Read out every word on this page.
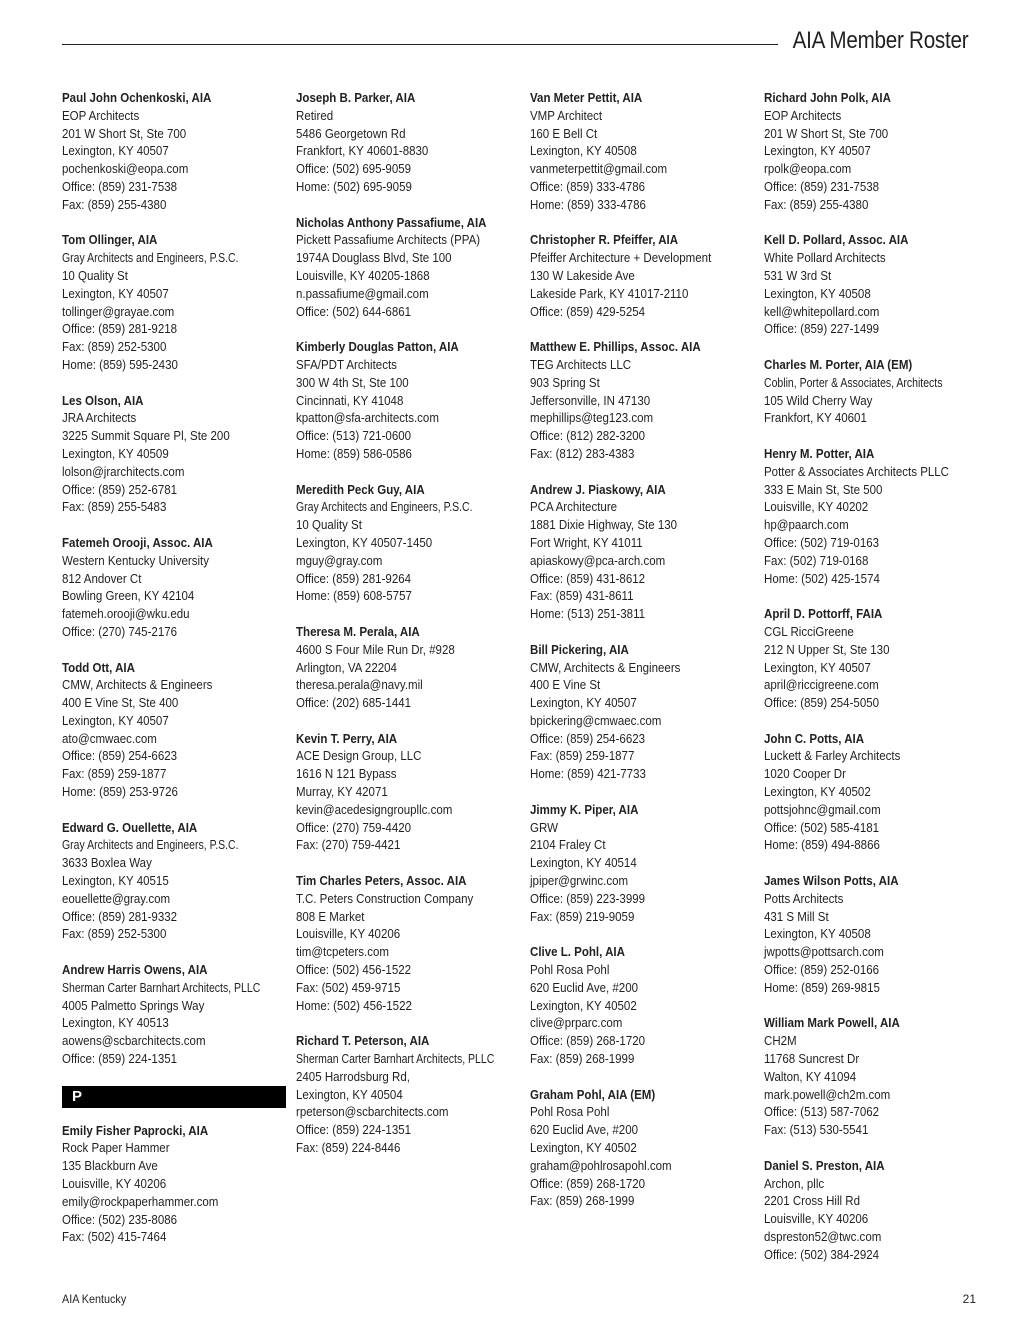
AIA Member Roster
Paul John Ochenkoski, AIA
EOP Architects
201 W Short St, Ste 700
Lexington, KY 40507
pochenkoski@eopa.com
Office: (859) 231-7538
Fax: (859) 255-4380
Tom Ollinger, AIA
Gray Architects and Engineers, P.S.C.
10 Quality St
Lexington, KY 40507
tollinger@grayae.com
Office: (859) 281-9218
Fax: (859) 252-5300
Home: (859) 595-2430
Les Olson, AIA
JRA Architects
3225 Summit Square Pl, Ste 200
Lexington, KY 40509
lolson@jrarchitects.com
Office: (859) 252-6781
Fax: (859) 255-5483
Fatemeh Orooji, Assoc. AIA
Western Kentucky University
812 Andover Ct
Bowling Green, KY 42104
fatemeh.orooji@wku.edu
Office: (270) 745-2176
Todd Ott, AIA
CMW, Architects & Engineers
400 E Vine St, Ste 400
Lexington, KY 40507
ato@cmwaec.com
Office: (859) 254-6623
Fax: (859) 259-1877
Home: (859) 253-9726
Edward G. Ouellette, AIA
Gray Architects and Engineers, P.S.C.
3633 Boxlea Way
Lexington, KY 40515
eouellette@gray.com
Office: (859) 281-9332
Fax: (859) 252-5300
Andrew Harris Owens, AIA
Sherman Carter Barnhart Architects, PLLC
4005 Palmetto Springs Way
Lexington, KY 40513
aowens@scbarchitects.com
Office: (859) 224-1351
P
Emily Fisher Paprocki, AIA
Rock Paper Hammer
135 Blackburn Ave
Louisville, KY 40206
emily@rockpaperhammer.com
Office: (502) 235-8086
Fax: (502) 415-7464
Joseph B. Parker, AIA
Retired
5486 Georgetown Rd
Frankfort, KY 40601-8830
Office: (502) 695-9059
Home: (502) 695-9059
Nicholas Anthony Passafiume, AIA
Pickett Passafiume Architects (PPA)
1974A Douglass Blvd, Ste 100
Louisville, KY 40205-1868
n.passafiume@gmail.com
Office: (502) 644-6861
Kimberly Douglas Patton, AIA
SFA/PDT Architects
300 W 4th St, Ste 100
Cincinnati, KY 41048
kpatton@sfa-architects.com
Office: (513) 721-0600
Home: (859) 586-0586
Meredith Peck Guy, AIA
Gray Architects and Engineers, P.S.C.
10 Quality St
Lexington, KY 40507-1450
mguy@gray.com
Office: (859) 281-9264
Home: (859) 608-5757
Theresa M. Perala, AIA
4600 S Four Mile Run Dr, #928
Arlington, VA 22204
theresa.perala@navy.mil
Office: (202) 685-1441
Kevin T. Perry, AIA
ACE Design Group, LLC
1616 N 121 Bypass
Murray, KY 42071
kevin@acedesigngroupllc.com
Office: (270) 759-4420
Fax: (270) 759-4421
Tim Charles Peters, Assoc. AIA
T.C. Peters Construction Company
808 E Market
Louisville, KY 40206
tim@tcpeters.com
Office: (502) 456-1522
Fax: (502) 459-9715
Home: (502) 456-1522
Richard T. Peterson, AIA
Sherman Carter Barnhart Architects, PLLC
2405 Harrodsburg Rd,
Lexington, KY 40504
rpeterson@scbarchitects.com
Office: (859) 224-1351
Fax: (859) 224-8446
Van Meter Pettit, AIA
VMP Architect
160 E Bell Ct
Lexington, KY 40508
vanmeterpettit@gmail.com
Office: (859) 333-4786
Home: (859) 333-4786
Christopher R. Pfeiffer, AIA
Pfeiffer Architecture + Development
130 W Lakeside Ave
Lakeside Park, KY 41017-2110
Office: (859) 429-5254
Matthew E. Phillips, Assoc. AIA
TEG Architects LLC
903 Spring St
Jeffersonville, IN 47130
mephillips@teg123.com
Office: (812) 282-3200
Fax: (812) 283-4383
Andrew J. Piaskowy, AIA
PCA Architecture
1881 Dixie Highway, Ste 130
Fort Wright, KY 41011
apiaskowy@pca-arch.com
Office: (859) 431-8612
Fax: (859) 431-8611
Home: (513) 251-3811
Bill Pickering, AIA
CMW, Architects & Engineers
400 E Vine St
Lexington, KY 40507
bpickering@cmwaec.com
Office: (859) 254-6623
Fax: (859) 259-1877
Home: (859) 421-7733
Jimmy K. Piper, AIA
GRW
2104 Fraley Ct
Lexington, KY 40514
jpiper@grwinc.com
Office: (859) 223-3999
Fax: (859) 219-9059
Clive L. Pohl, AIA
Pohl Rosa Pohl
620 Euclid Ave, #200
Lexington, KY 40502
clive@prparc.com
Office: (859) 268-1720
Fax: (859) 268-1999
Graham Pohl, AIA (EM)
Pohl Rosa Pohl
620 Euclid Ave, #200
Lexington, KY 40502
graham@pohlrosapohl.com
Office: (859) 268-1720
Fax: (859) 268-1999
Richard John Polk, AIA
EOP Architects
201 W Short St, Ste 700
Lexington, KY 40507
rpolk@eopa.com
Office: (859) 231-7538
Fax: (859) 255-4380
Kell D. Pollard, Assoc. AIA
White Pollard Architects
531 W 3rd St
Lexington, KY 40508
kell@whitepollard.com
Office: (859) 227-1499
Charles M. Porter, AIA (EM)
Coblin, Porter & Associates, Architects
105 Wild Cherry Way
Frankfort, KY 40601
Henry M. Potter, AIA
Potter & Associates Architects PLLC
333 E Main St, Ste 500
Louisville, KY 40202
hp@paarch.com
Office: (502) 719-0163
Fax: (502) 719-0168
Home: (502) 425-1574
April D. Pottorff, FAIA
CGL RicciGreene
212 N Upper St, Ste 130
Lexington, KY 40507
april@riccigreene.com
Office: (859) 254-5050
John C. Potts, AIA
Luckett & Farley Architects
1020 Cooper Dr
Lexington, KY 40502
pottsjohnc@gmail.com
Office: (502) 585-4181
Home: (859) 494-8866
James Wilson Potts, AIA
Potts Architects
431 S Mill St
Lexington, KY 40508
jwpotts@pottsarch.com
Office: (859) 252-0166
Home: (859) 269-9815
William Mark Powell, AIA
CH2M
11768 Suncrest Dr
Walton, KY 41094
mark.powell@ch2m.com
Office: (513) 587-7062
Fax: (513) 530-5541
Daniel S. Preston, AIA
Archon, pllc
2201 Cross Hill Rd
Louisville, KY 40206
dspreston52@twc.com
Office: (502) 384-2924
AIA Kentucky	21
